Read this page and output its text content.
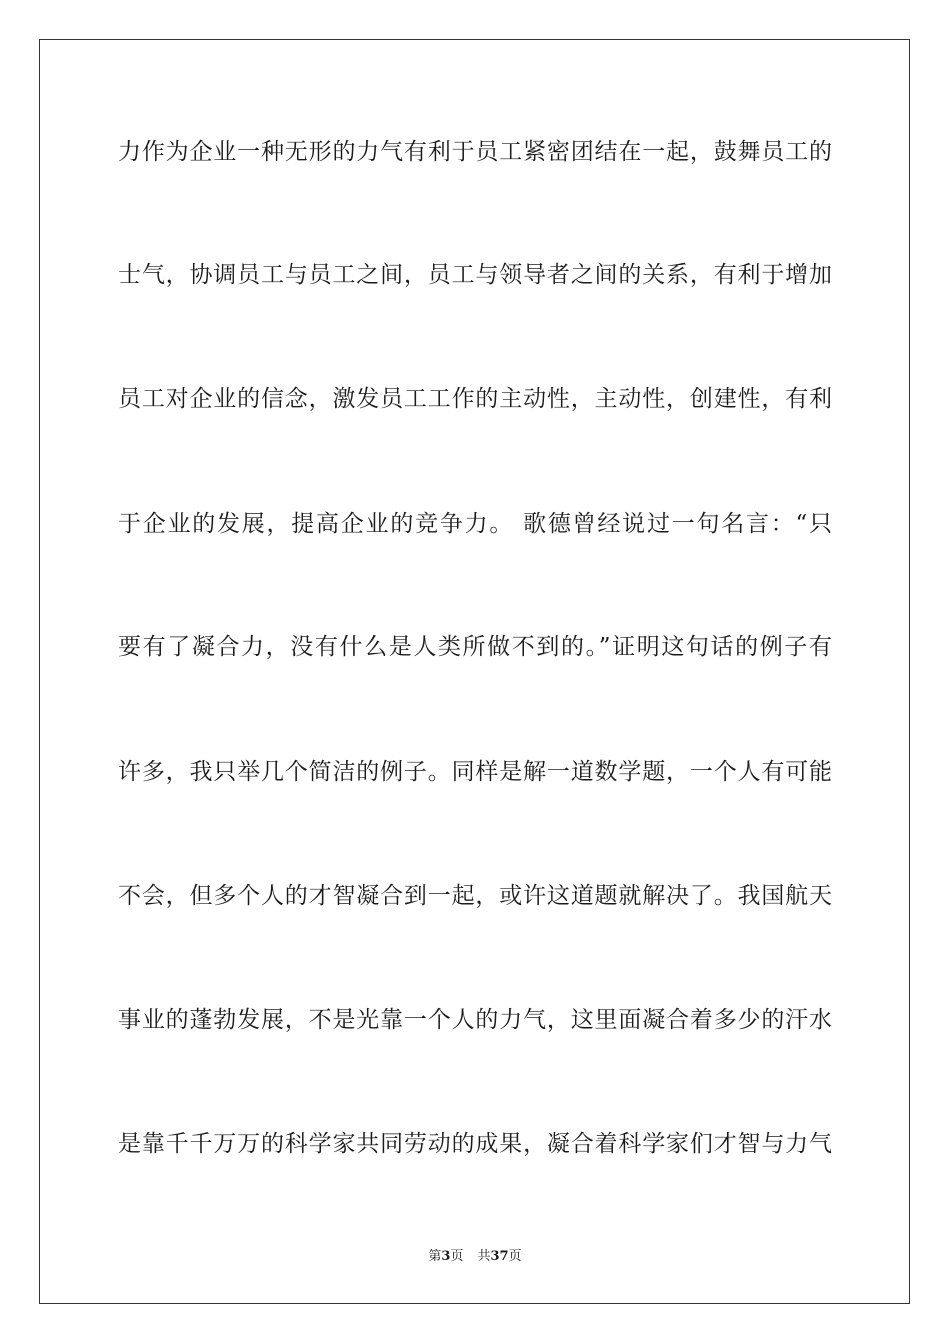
力作为企业一种无形的力气有利于员工紧密团结在一起，鼓舞员工的
士气，协调员工与员工之间，员工与领导者之间的关系，有利于增加
员工对企业的信念，激发员工工作的主动性，主动性，创建性，有利
于企业的发展，提高企业的竞争力。 歌德曾经说过一句名言：“只
要有了凝合力，没有什么是人类所做不到的。”证明这句话的例子有
许多，我只举几个简洁的例子。同样是解一道数学题，一个人有可能
不会，但多个人的才智凝合到一起，或许这道题就解决了。我国航天
事业的蓬勃发展，不是光靠一个人的力气，这里面凝合着多少的汗水
是靠千千万万的科学家共同劳动的成果，凝合着科学家们才智与力气
第3页 共37页
